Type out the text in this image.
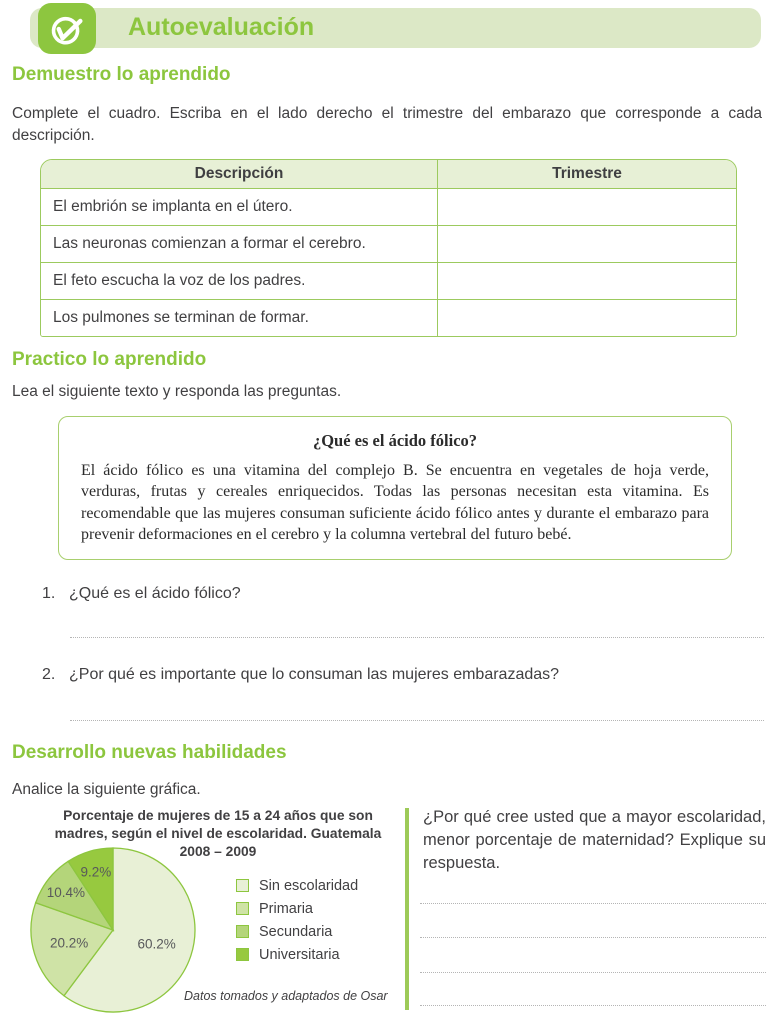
Autoevaluación
Demuestro lo aprendido
Complete el cuadro. Escriba en el lado derecho el trimestre del embarazo que corresponde a cada descripción.
Descripción	Trimestre
El embrión se implanta en el útero.
Las neuronas comienzan a formar el cerebro.
El feto escucha la voz de los padres.
Los pulmones se terminan de formar.
Practico lo aprendido
Lea el siguiente texto y responda las preguntas.
¿Qué es el ácido fólico?
El ácido fólico es una vitamina del complejo B. Se encuentra en vegetales de hoja verde, verduras, frutas y cereales enriquecidos. Todas las personas necesitan esta vitamina. Es recomendable que las mujeres consuman suficiente ácido fólico antes y durante el embarazo para prevenir deformaciones en el cerebro y la columna vertebral del futuro bebé.
1. ¿Qué es el ácido fólico?
2. ¿Por qué es importante que lo consuman las mujeres embarazadas?
Desarrollo nuevas habilidades
Analice la siguiente gráfica.
Porcentaje de mujeres de 15 a 24 años que son madres, según el nivel de escolaridad. Guatemala 2008 – 2009
60.2%
20.2%
10.4%
9.2%
Sin escolaridad
Primaria
Secundaria
Universitaria
Datos tomados y adaptados de Osar
¿Por qué cree usted que a mayor escolaridad, menor porcentaje de maternidad? Explique su respuesta.
